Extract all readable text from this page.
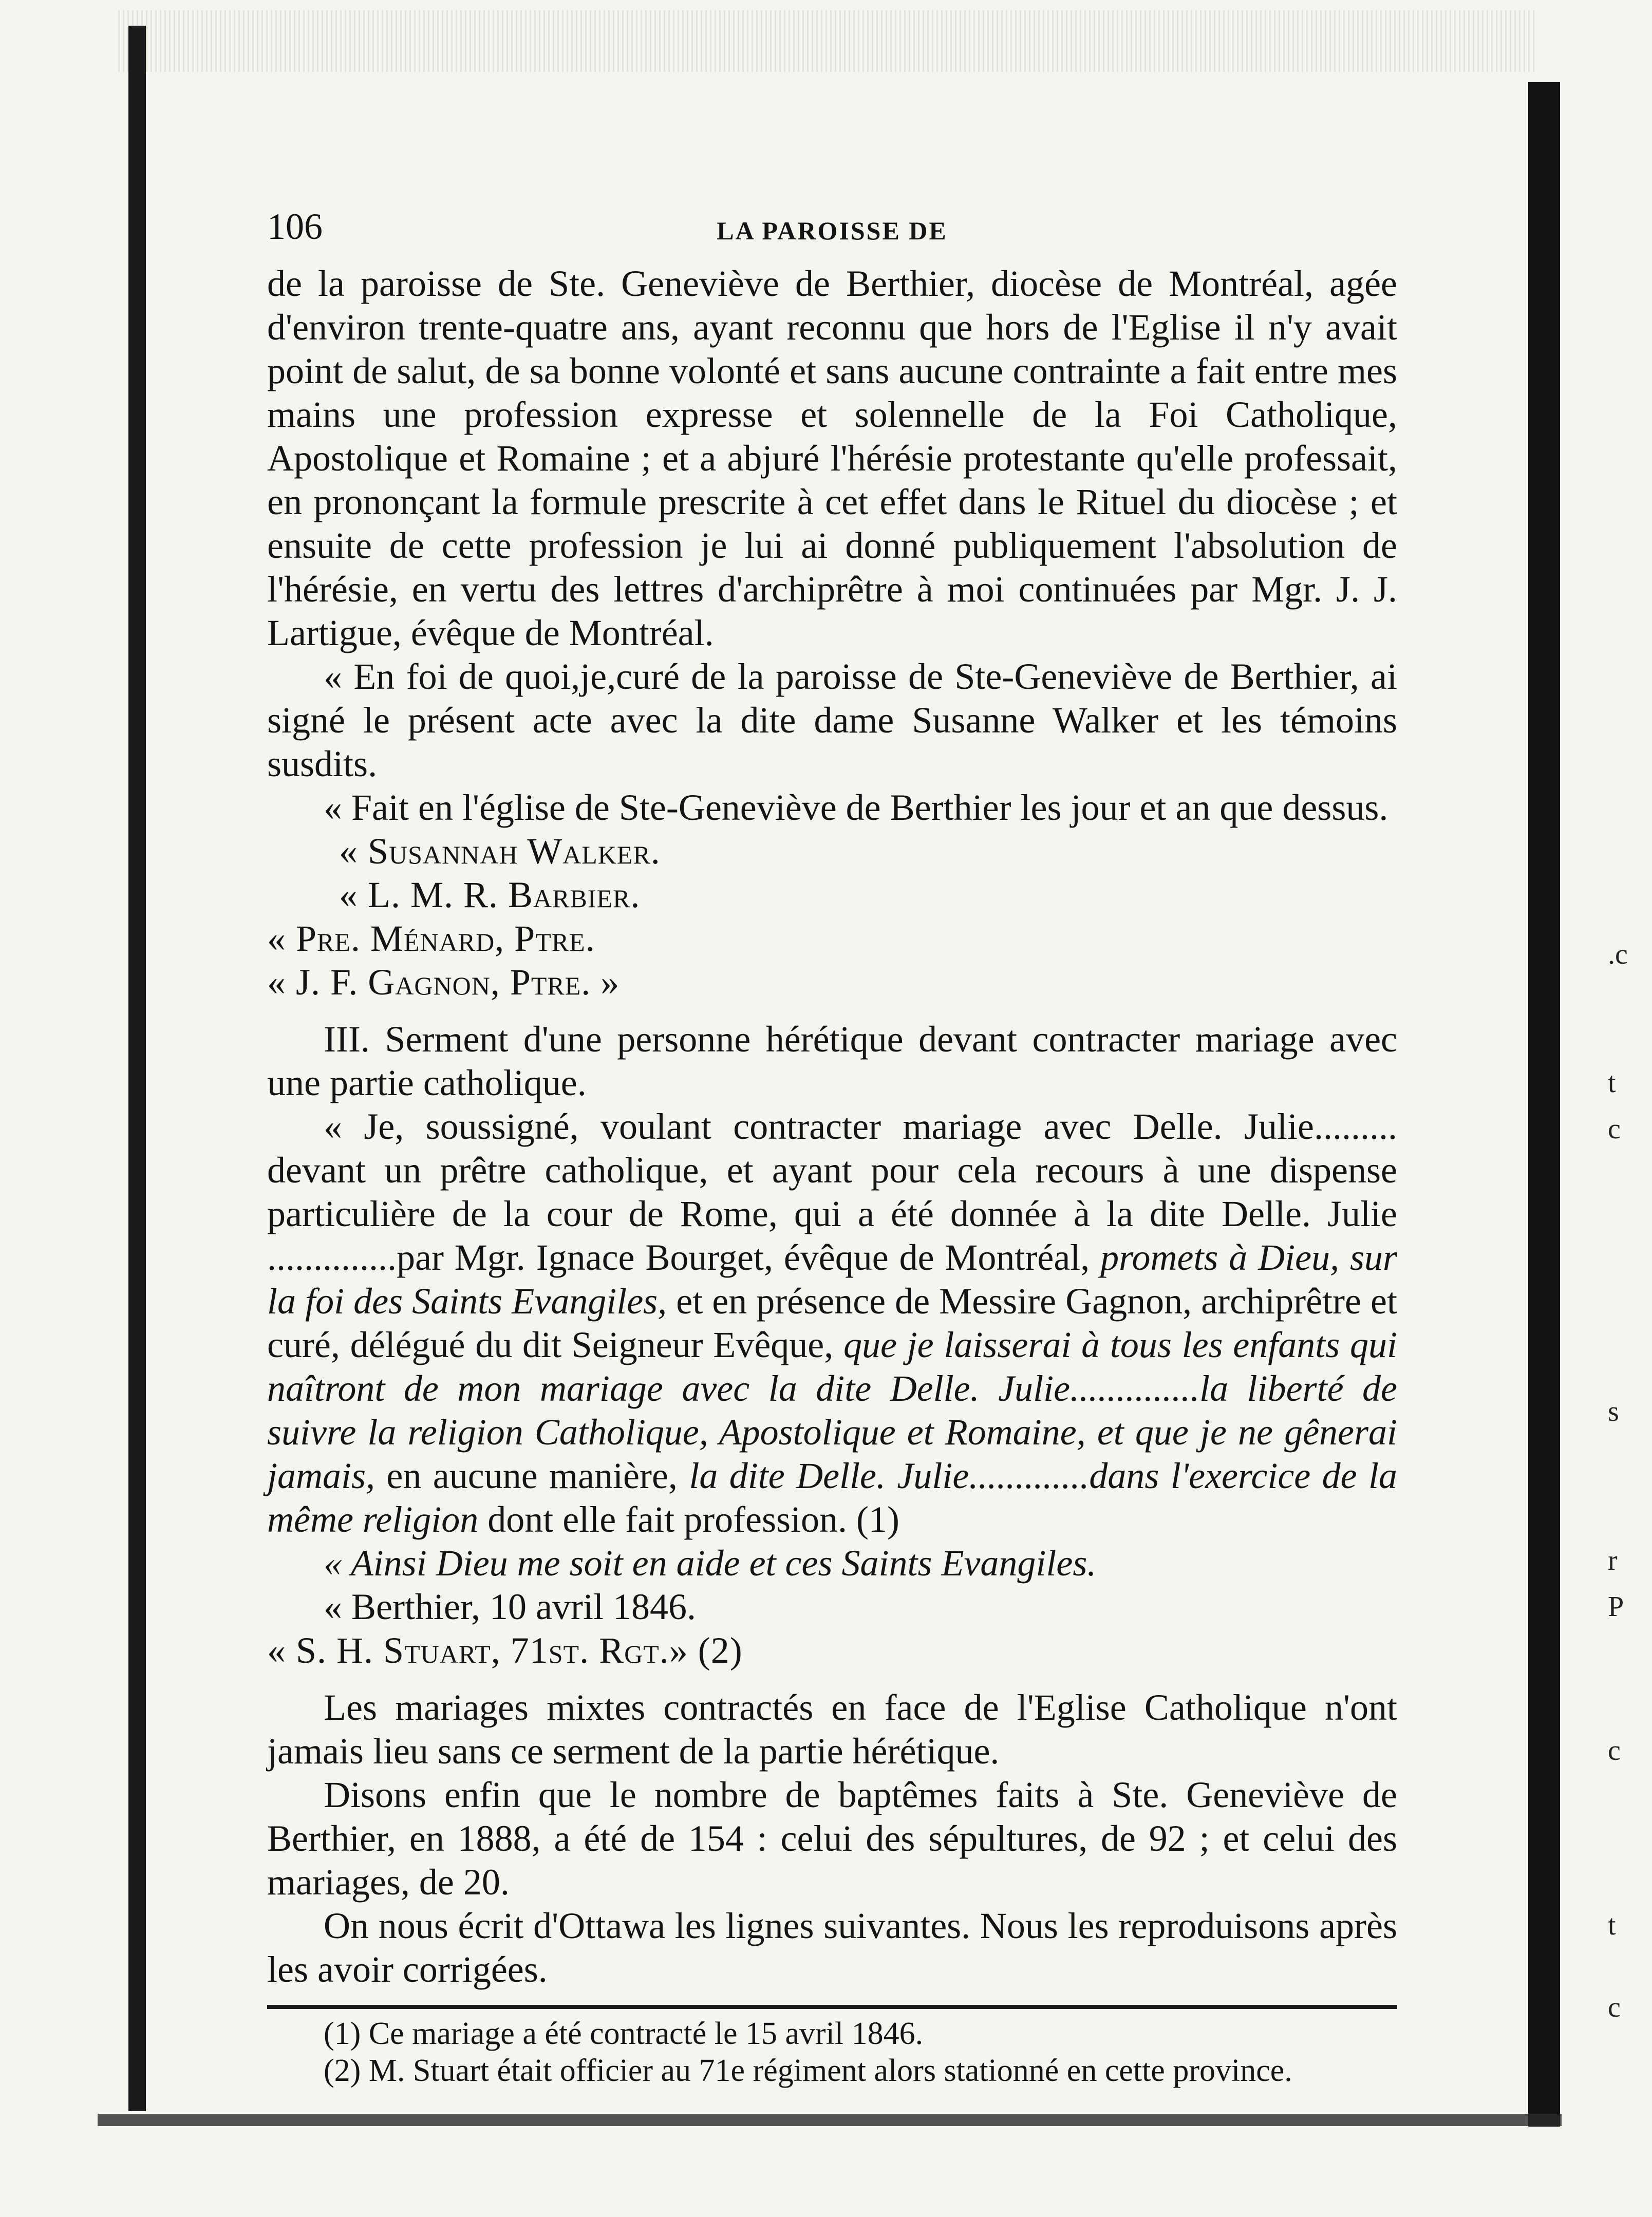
.c
t
c
s
r
P
c
t
c
106	LA PAROISSE DE

de la paroisse de Ste. Geneviève de Berthier, diocèse de Montréal, agée d'environ trente-quatre ans, ayant reconnu que hors de l'Eglise il n'y avait point de salut, de sa bonne volonté et sans aucune contrainte a fait entre mes mains une profession expresse et solennelle de la Foi Catholique, Apostolique et Romaine ; et a abjuré l'hérésie protestante qu'elle professait, en prononçant la formule prescrite à cet effet dans le Rituel du diocèse ; et ensuite de cette profession je lui ai donné publiquement l'absolution de l'hérésie, en vertu des lettres d'archiprêtre à moi continuées par Mgr. J. J. Lartigue, évêque de Montréal.

« En foi de quoi,je,curé de la paroisse de Ste-Geneviève de Berthier, ai signé le présent acte avec la dite dame Susanne Walker et les témoins susdits.

« Fait en l'église de Ste-Geneviève de Berthier les jour et an que dessus.

« Susannah Walker.

« L. M. R. Barbier.

« Pre. Ménard, Ptre.

« J. F. Gagnon, Ptre. »

III. Serment d'une personne hérétique devant contracter mariage avec une partie catholique.

« Je, soussigné, voulant contracter mariage avec Delle. Julie......... devant un prêtre catholique, et ayant pour cela recours à une dispense particulière de la cour de Rome, qui a été donnée à la dite Delle. Julie ..............par Mgr. Ignace Bourget, évêque de Montréal, promets à Dieu, sur la foi des Saints Evangiles, et en présence de Messire Gagnon, archiprêtre et curé, délégué du dit Seigneur Evêque, que je laisserai à tous les enfants qui naîtront de mon mariage avec la dite Delle. Julie..............la liberté de suivre la religion Catholique, Apostolique et Romaine, et que je ne gênerai jamais, en aucune manière, la dite Delle. Julie.............dans l'exercice de la même religion dont elle fait profession. (1)

« Ainsi Dieu me soit en aide et ces Saints Evangiles.

« Berthier, 10 avril 1846.

« S. H. Stuart, 71st. Rgt.» (2)

Les mariages mixtes contractés en face de l'Eglise Catholique n'ont jamais lieu sans ce serment de la partie hérétique.

Disons enfin que le nombre de baptêmes faits à Ste. Geneviève de Berthier, en 1888, a été de 154 : celui des sépultures, de 92 ; et celui des mariages, de 20.

On nous écrit d'Ottawa les lignes suivantes. Nous les reproduisons après les avoir corrigées.

(1) Ce mariage a été contracté le 15 avril 1846.

(2) M. Stuart était officier au 71e régiment alors stationné en cette province.
